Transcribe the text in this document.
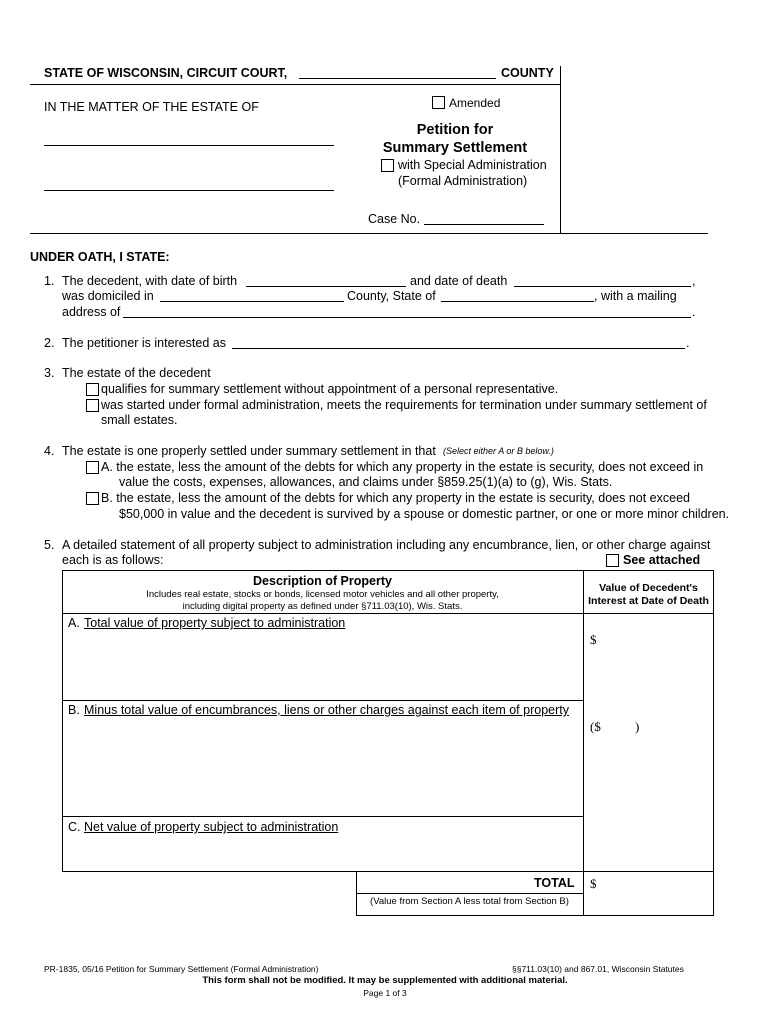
STATE OF WISCONSIN, CIRCUIT COURT,	COUNTY
IN THE MATTER OF THE ESTATE OF	Amended
Petition for
Summary Settlement
with Special Administration
(Formal Administration)
Case No.
UNDER OATH, I STATE:
1. The decedent, with date of birth	and date of death	,
was domiciled in	County, State of	, with a mailing
address of	.
2. The petitioner is interested as	.
3. The estate of the decedent
qualifies for summary settlement without appointment of a personal representative.
was started under formal administration, meets the requirements for termination under summary settlement of
small estates.
4. The estate is one properly settled under summary settlement in that (Select either A or B below.)
A. the estate, less the amount of the debts for which any property in the estate is security, does not exceed in
value the costs, expenses, allowances, and claims under §859.25(1)(a) to (g), Wis. Stats.
B. the estate, less the amount of the debts for which any property in the estate is security, does not exceed
$50,000 in value and the decedent is survived by a spouse or domestic partner, or one or more minor children.
5. A detailed statement of all property subject to administration including any encumbrance, lien, or other charge against
each is as follows:	See attached
Description of Property
Includes real estate, stocks or bonds, licensed motor vehicles and all other property,
including digital property as defined under §711.03(10), Wis. Stats.
Value of Decedent's
Interest at Date of Death
A. Total value of property subject to administration
$
B. Minus total value of encumbrances, liens or other charges against each item of property
($	)
C. Net value of property subject to administration
TOTAL $
(Value from Section A less total from Section B)
PR-1835, 05/16 Petition for Summary Settlement (Formal Administration)	§§711.03(10) and 867.01, Wisconsin Statutes
This form shall not be modified. It may be supplemented with additional material.
Page 1 of 3
